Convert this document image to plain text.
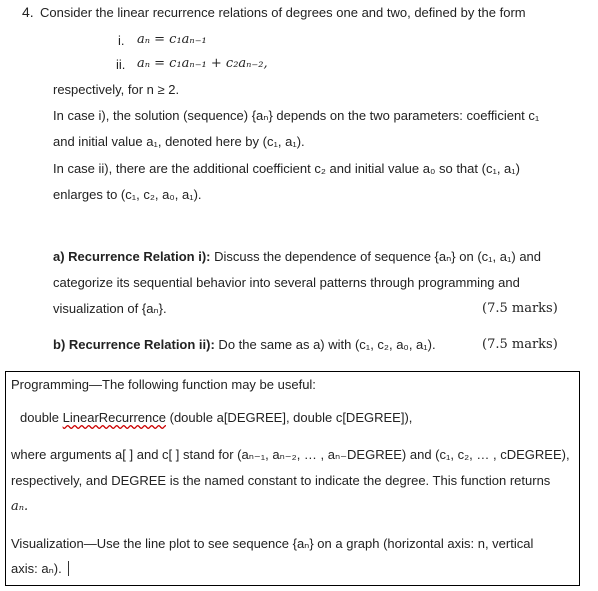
4. Consider the linear recurrence relations of degrees one and two, defined by the form
i. aₙ = c₁aₙ₋₁
ii. aₙ = c₁aₙ₋₁ + c₂aₙ₋₂,
respectively, for n ≥ 2.
In case i), the solution (sequence) {aₙ} depends on the two parameters: coefficient c₁
and initial value a₁, denoted here by (c₁, a₁).
In case ii), there are the additional coefficient c₂ and initial value a₀ so that (c₁, a₁)
enlarges to (c₁, c₂, a₀, a₁).
a) Recurrence Relation i): Discuss the dependence of sequence {aₙ} on (c₁, a₁) and
categorize its sequential behavior into several patterns through programming and
visualization of {aₙ}.	(7.5 marks)
b) Recurrence Relation ii): Do the same as a) with (c₁, c₂, a₀, a₁).	(7.5 marks)
Programming—The following function may be useful:
double LinearRecurrence (double a[DEGREE], double c[DEGREE]),
where arguments a[ ] and c[ ] stand for (aₙ₋₁, aₙ₋₂, … , aₙ₋DEGREE) and (c₁, c₂, … , cDEGREE),
respectively, and DEGREE is the named constant to indicate the degree. This function returns
aₙ.
Visualization—Use the line plot to see sequence {aₙ} on a graph (horizontal axis: n, vertical
axis: aₙ).
